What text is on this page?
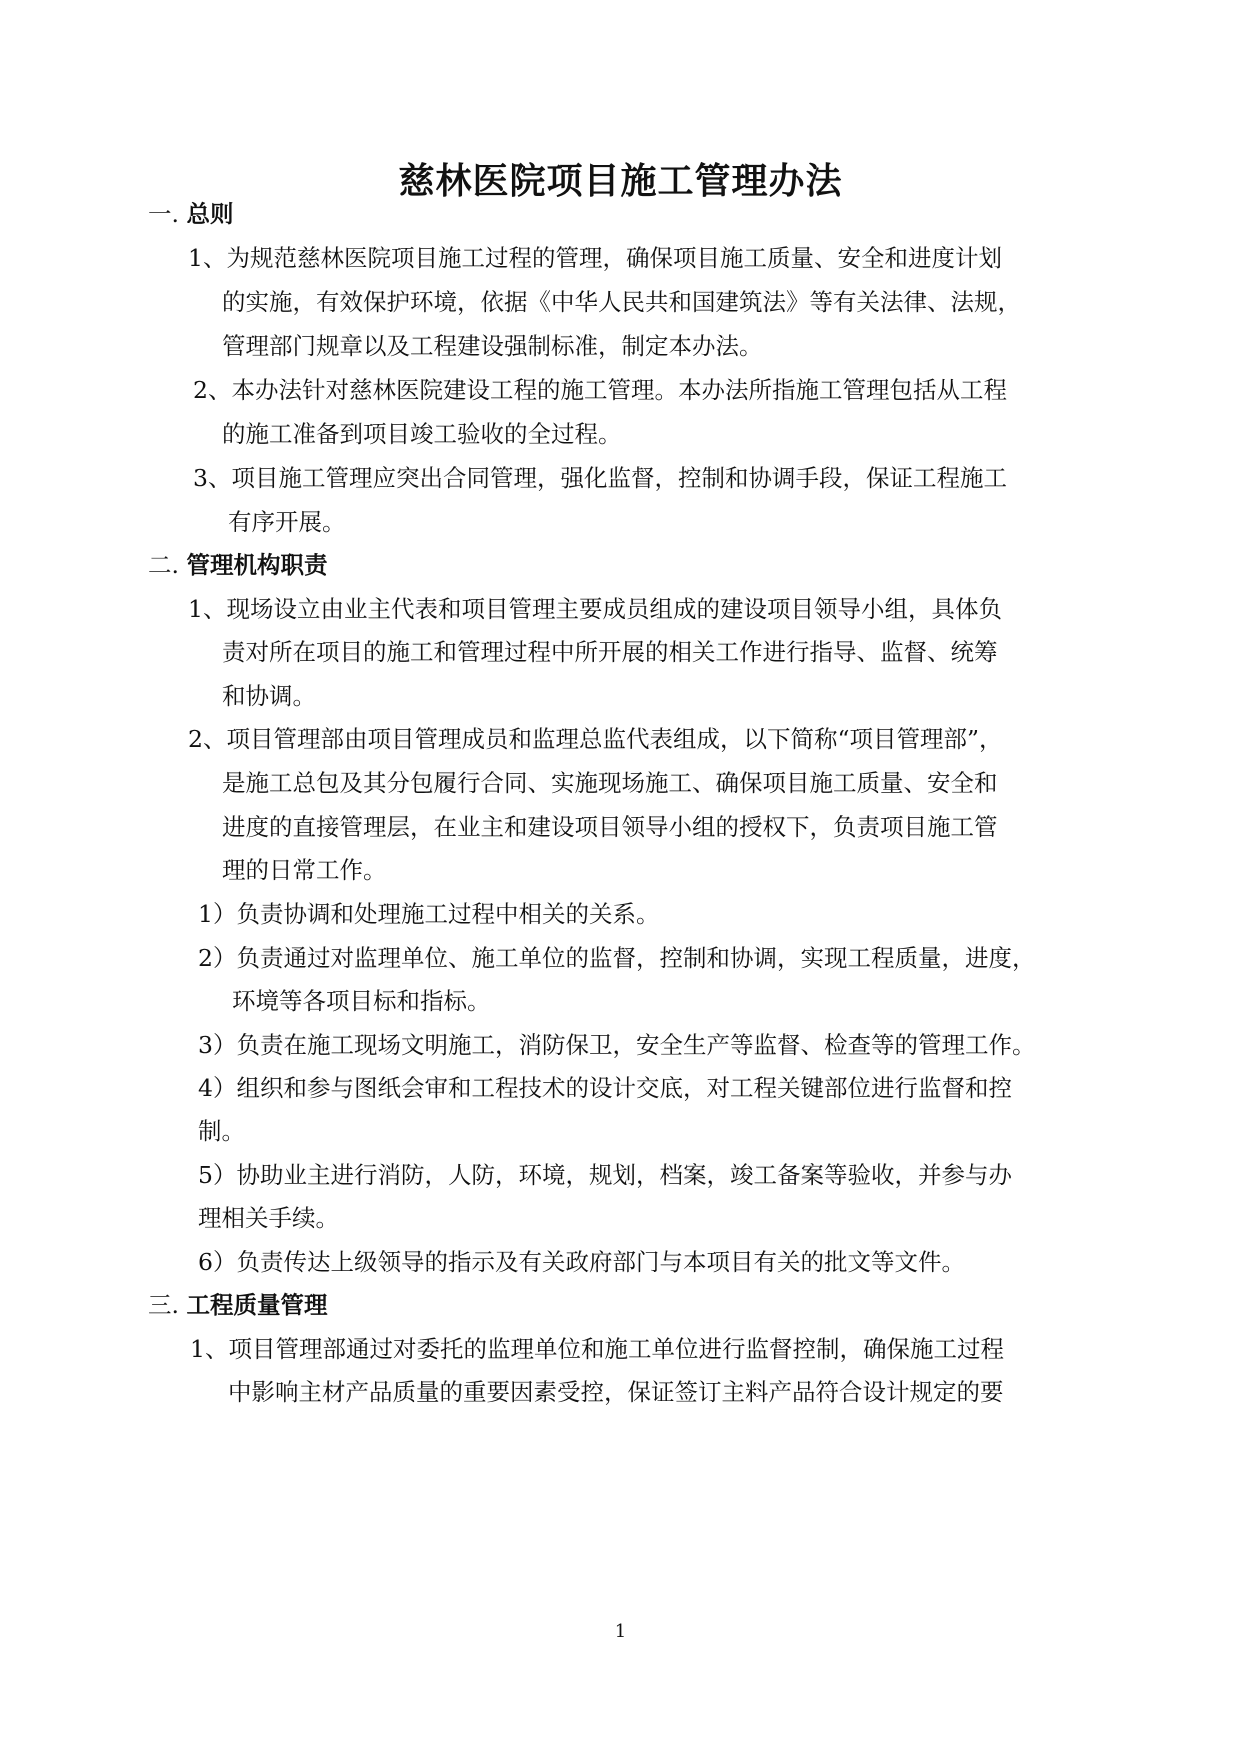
慈林医院项目施工管理办法
一. 总则
1、为规范慈林医院项目施工过程的管理，确保项目施工质量、安全和进度计划
的实施，有效保护环境，依据《中华人民共和国建筑法》等有关法律、法规，
管理部门规章以及工程建设强制标准，制定本办法。
2、本办法针对慈林医院建设工程的施工管理。本办法所指施工管理包括从工程
的施工准备到项目竣工验收的全过程。
3、项目施工管理应突出合同管理，强化监督，控制和协调手段，保证工程施工
有序开展。
二. 管理机构职责
1、现场设立由业主代表和项目管理主要成员组成的建设项目领导小组，具体负
责对所在项目的施工和管理过程中所开展的相关工作进行指导、监督、统筹
和协调。
2、项目管理部由项目管理成员和监理总监代表组成，以下简称“项目管理部”，
是施工总包及其分包履行合同、实施现场施工、确保项目施工质量、安全和
进度的直接管理层，在业主和建设项目领导小组的授权下，负责项目施工管
理的日常工作。
1）负责协调和处理施工过程中相关的关系。
2）负责通过对监理单位、施工单位的监督，控制和协调，实现工程质量，进度，
环境等各项目标和指标。
3）负责在施工现场文明施工，消防保卫，安全生产等监督、检查等的管理工作。
4）组织和参与图纸会审和工程技术的设计交底，对工程关键部位进行监督和控
制。
5）协助业主进行消防，人防，环境，规划，档案，竣工备案等验收，并参与办
理相关手续。
6）负责传达上级领导的指示及有关政府部门与本项目有关的批文等文件。
三. 工程质量管理
1、项目管理部通过对委托的监理单位和施工单位进行监督控制，确保施工过程
中影响主材产品质量的重要因素受控，保证签订主料产品符合设计规定的要
1
